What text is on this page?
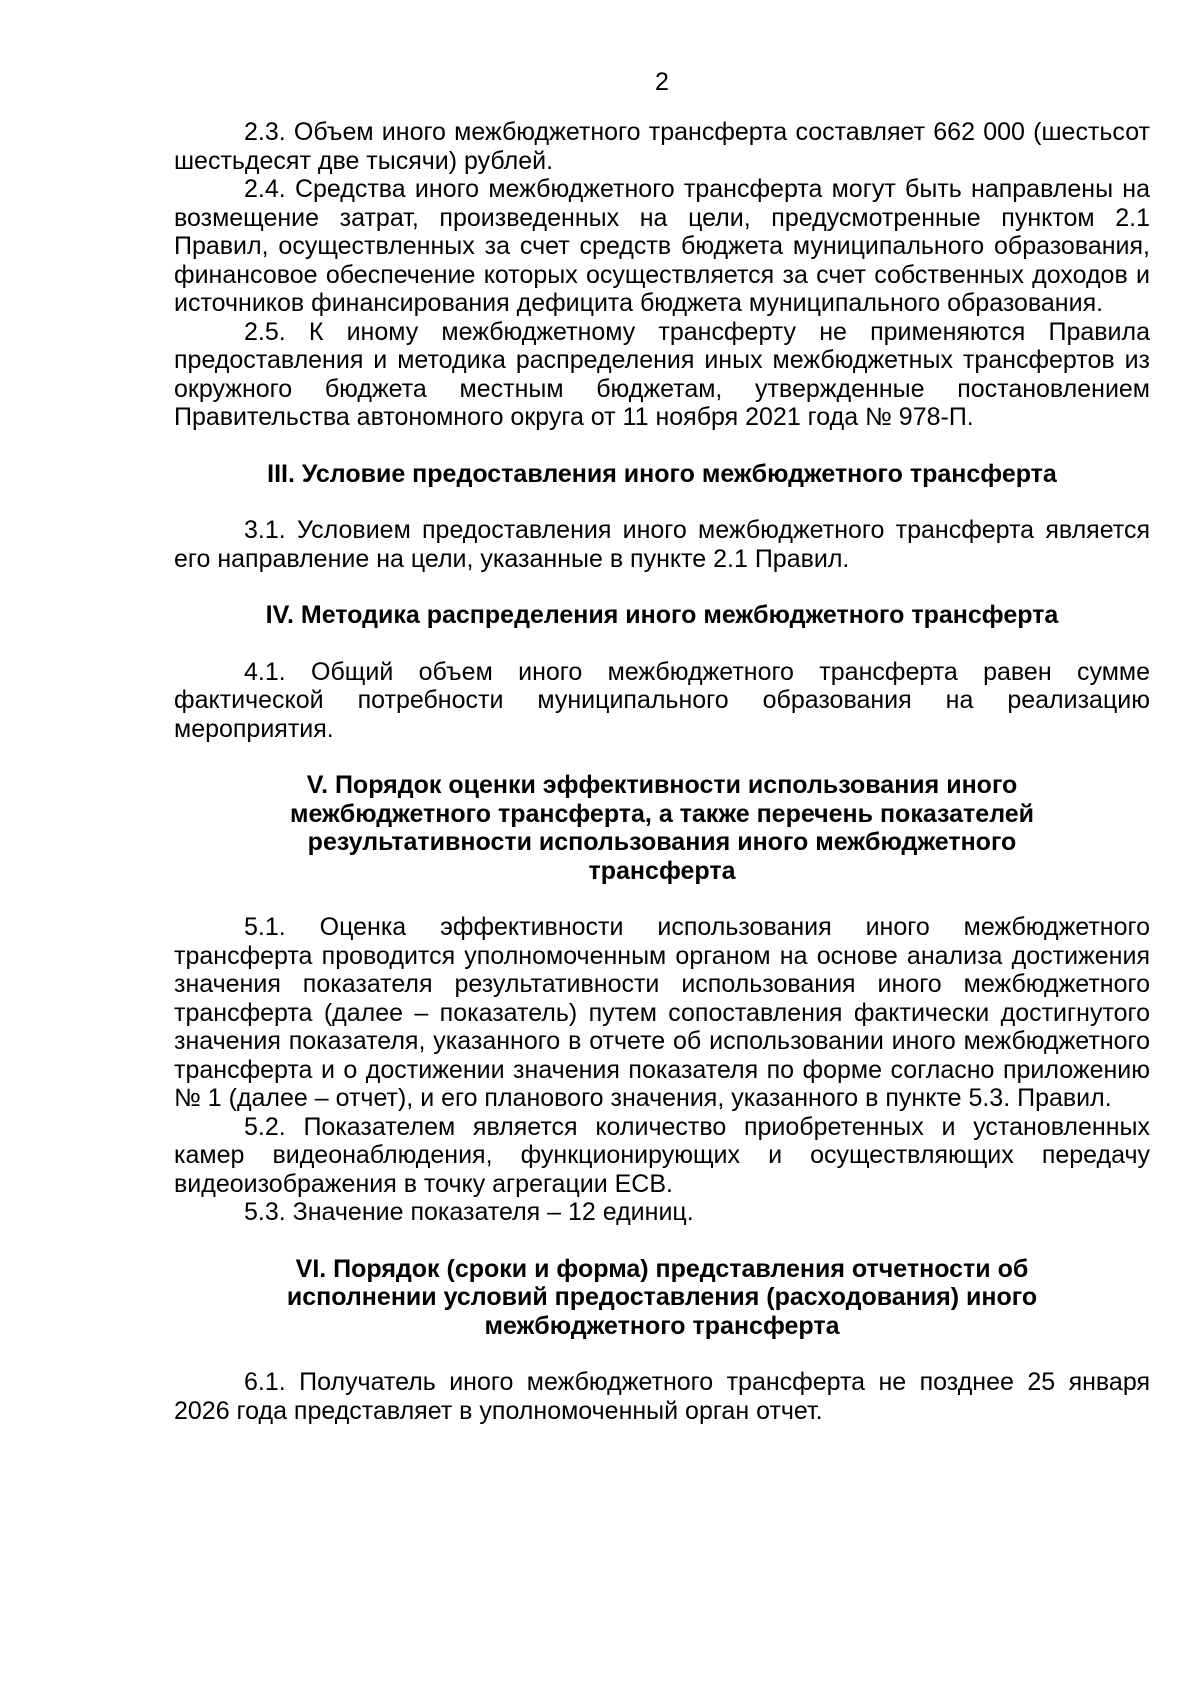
2

2.3. Объем иного межбюджетного трансферта составляет 662 000 (шестьсот шестьдесят две тысячи) рублей.

2.4. Средства иного межбюджетного трансферта могут быть направлены на возмещение затрат, произведенных на цели, предусмотренные пунктом 2.1 Правил, осуществленных за счет средств бюджета муниципального образования, финансовое обеспечение которых осуществляется за счет собственных доходов и источников финансирования дефицита бюджета муниципального образования.

2.5. К иному межбюджетному трансферту не применяются Правила предоставления и методика распределения иных межбюджетных трансфертов из окружного бюджета местным бюджетам, утвержденные постановлением Правительства автономного округа от 11 ноября 2021 года № 978-П.

III. Условие предоставления иного межбюджетного трансферта

3.1. Условием предоставления иного межбюджетного трансферта является его направление на цели, указанные в пункте 2.1 Правил.

IV. Методика распределения иного межбюджетного трансферта

4.1. Общий объем иного межбюджетного трансферта равен сумме фактической потребности муниципального образования на реализацию мероприятия.

V. Порядок оценки эффективности использования иного межбюджетного трансферта, а также перечень показателей результативности использования иного межбюджетного трансферта

5.1. Оценка эффективности использования иного межбюджетного трансферта проводится уполномоченным органом на основе анализа достижения значения показателя результативности использования иного межбюджетного трансферта (далее – показатель) путем сопоставления фактически достигнутого значения показателя, указанного в отчете об использовании иного межбюджетного трансферта и о достижении значения показателя по форме согласно приложению № 1 (далее – отчет), и его планового значения, указанного в пункте 5.3. Правил.

5.2. Показателем является количество приобретенных и установленных камер видеонаблюдения, функционирующих и осуществляющих передачу видеоизображения в точку агрегации ЕСВ.

5.3. Значение показателя – 12 единиц.

VI. Порядок (сроки и форма) представления отчетности об исполнении условий предоставления (расходования) иного межбюджетного трансферта

6.1. Получатель иного межбюджетного трансферта не позднее 25 января 2026 года представляет в уполномоченный орган отчет.
